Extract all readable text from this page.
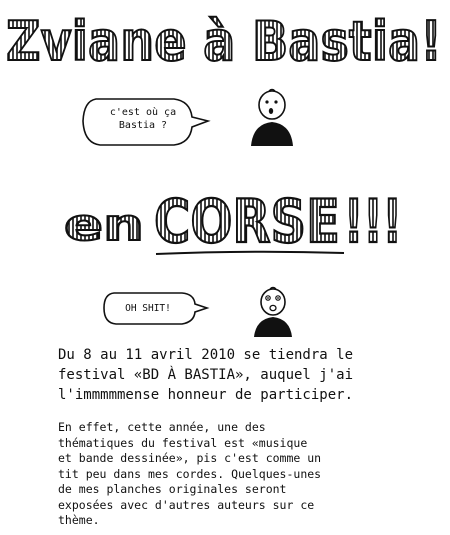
Zviane à Bastia!
c'est où ça
Bastia ?
en CORSE !!!
OH SHIT!
Du 8 au 11 avril 2010 se tiendra le
festival «BD À BASTIA», auquel j'ai
l'immmmmense honneur de participer.
En effet, cette année, une des
thématiques du festival est «musique
et bande dessinée», pis c'est comme un
tit peu dans mes cordes. Quelques-unes
de mes planches originales seront
exposées avec d'autres auteurs sur ce
thème.
